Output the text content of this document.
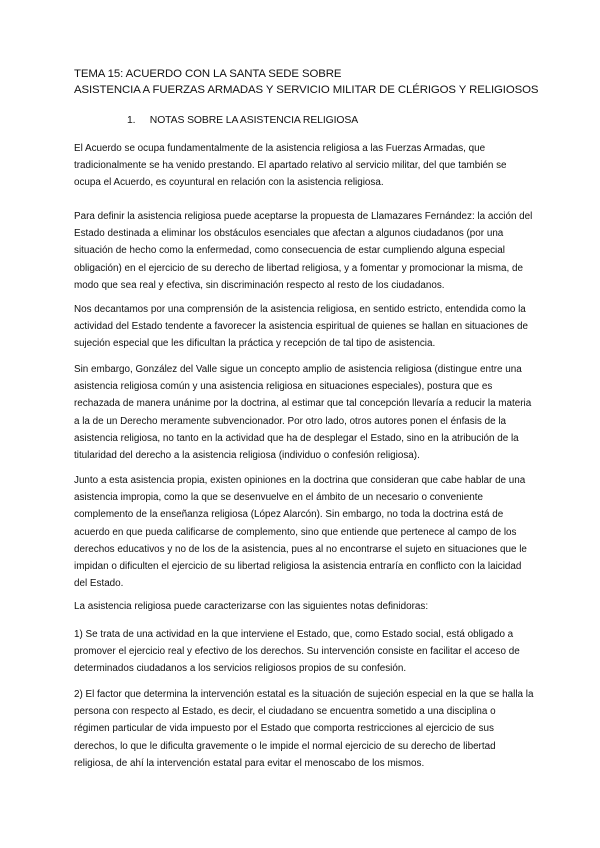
TEMA 15: ACUERDO CON LA SANTA SEDE SOBRE
ASISTENCIA A FUERZAS ARMADAS Y SERVICIO MILITAR DE CLÉRIGOS Y RELIGIOSOS
1. NOTAS SOBRE LA ASISTENCIA RELIGIOSA

El Acuerdo se ocupa fundamentalmente de la asistencia religiosa a las Fuerzas Armadas, que tradicionalmente se ha venido prestando. El apartado relativo al servicio militar, del que también se ocupa el Acuerdo, es coyuntural en relación con la asistencia religiosa.

Para definir la asistencia religiosa puede aceptarse la propuesta de Llamazares Fernández: la acción del Estado destinada a eliminar los obstáculos esenciales que afectan a algunos ciudadanos (por una situación de hecho como la enfermedad, como consecuencia de estar cumpliendo alguna especial obligación) en el ejercicio de su derecho de libertad religiosa, y a fomentar y promocionar la misma, de modo que sea real y efectiva, sin discriminación respecto al resto de los ciudadanos.

Nos decantamos por una comprensión de la asistencia religiosa, en sentido estricto, entendida como la actividad del Estado tendente a favorecer la asistencia espiritual de quienes se hallan en situaciones de sujeción especial que les dificultan la práctica y recepción de tal tipo de asistencia.

Sin embargo, González del Valle sigue un concepto amplio de asistencia religiosa (distingue entre una asistencia religiosa común y una asistencia religiosa en situaciones especiales), postura que es rechazada de manera unánime por la doctrina, al estimar que tal concepción llevaría a reducir la materia a la de un Derecho meramente subvencionador. Por otro lado, otros autores ponen el énfasis de la asistencia religiosa, no tanto en la actividad que ha de desplegar el Estado, sino en la atribución de la titularidad del derecho a la asistencia religiosa (individuo o confesión religiosa).

Junto a esta asistencia propia, existen opiniones en la doctrina que consideran que cabe hablar de una asistencia impropia, como la que se desenvuelve en el ámbito de un necesario o conveniente complemento de la enseñanza religiosa (López Alarcón). Sin embargo, no toda la doctrina está de acuerdo en que pueda calificarse de complemento, sino que entiende que pertenece al campo de los derechos educativos y no de los de la asistencia, pues al no encontrarse el sujeto en situaciones que le impidan o dificulten el ejercicio de su libertad religiosa la asistencia entraría en conflicto con la laicidad del Estado.

La asistencia religiosa puede caracterizarse con las siguientes notas definidoras:

1) Se trata de una actividad en la que interviene el Estado, que, como Estado social, está obligado a promover el ejercicio real y efectivo de los derechos. Su intervención consiste en facilitar el acceso de determinados ciudadanos a los servicios religiosos propios de su confesión.

2) El factor que determina la intervención estatal es la situación de sujeción especial en la que se halla la persona con respecto al Estado, es decir, el ciudadano se encuentra sometido a una disciplina o régimen particular de vida impuesto por el Estado que comporta restricciones al ejercicio de sus derechos, lo que le dificulta gravemente o le impide el normal ejercicio de su derecho de libertad religiosa, de ahí la intervención estatal para evitar el menoscabo de los mismos.
